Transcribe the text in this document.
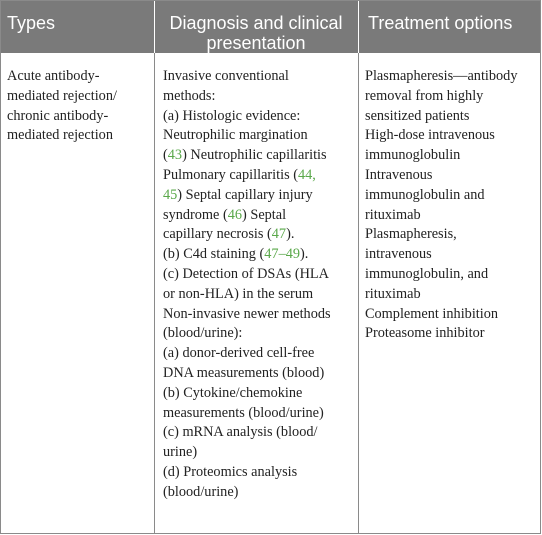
Types	Diagnosis and clinical presentation
Treatment options
Acute antibody-
mediated rejection/
chronic antibody-
mediated rejection
Invasive conventional
methods:
(a) Histologic evidence:
Neutrophilic margination
(43) Neutrophilic capillaritis
Pulmonary capillaritis (44,
45) Septal capillary injury
syndrome (46) Septal
capillary necrosis (47).
(b) C4d staining (47–49).
(c) Detection of DSAs (HLA
or non-HLA) in the serum
Non-invasive newer methods
(blood/urine):
(a) donor-derived cell-free
DNA measurements (blood)
(b) Cytokine/chemokine
measurements (blood/urine)
(c) mRNA analysis (blood/
urine)
(d) Proteomics analysis
(blood/urine)
Plasmapheresis—antibody
removal from highly
sensitized patients
High-dose intravenous
immunoglobulin
Intravenous
immunoglobulin and
rituximab
Plasmapheresis,
intravenous
immunoglobulin, and
rituximab
Complement inhibition
Proteasome inhibitor
